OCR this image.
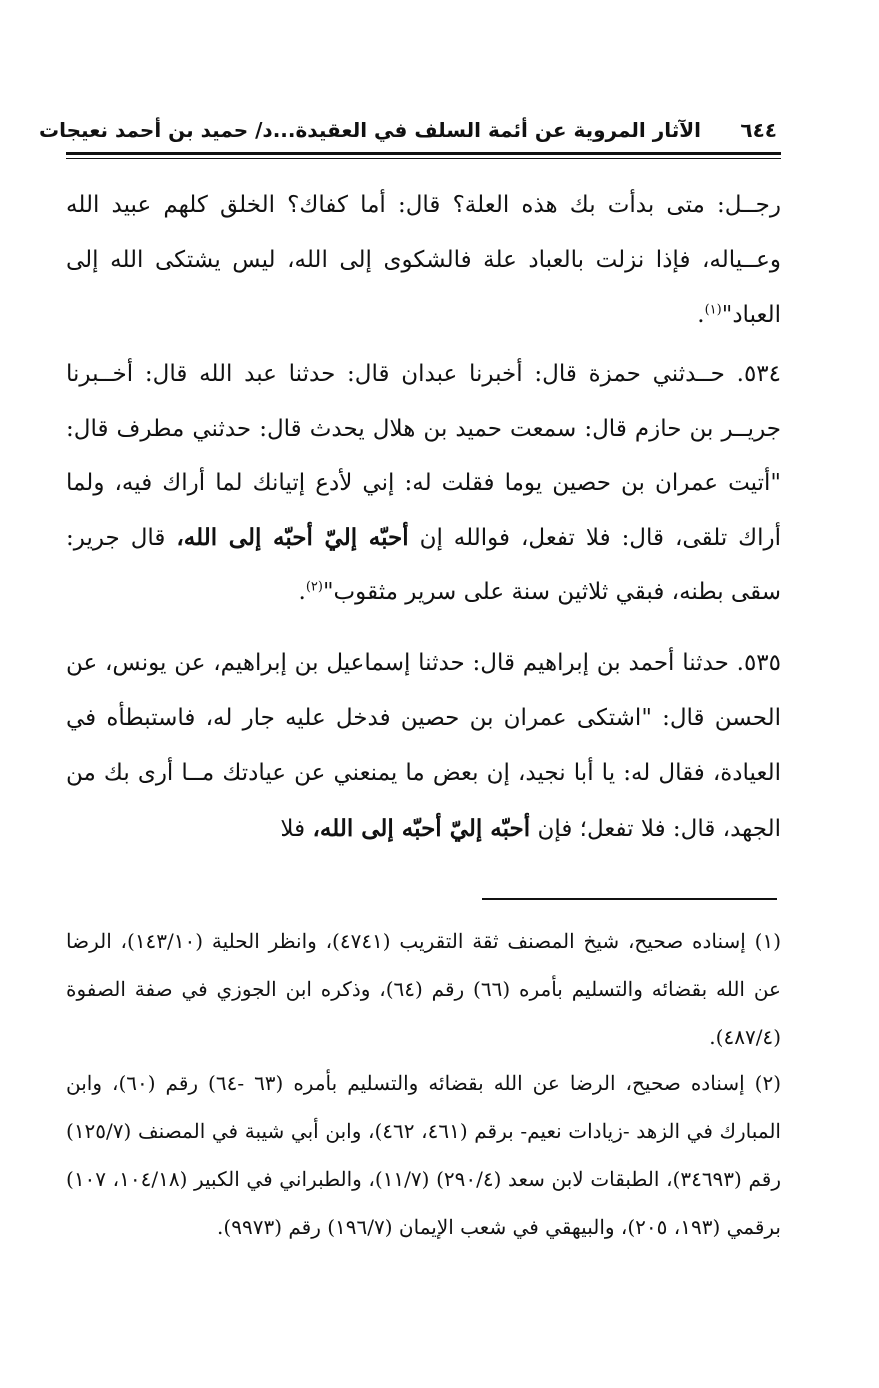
٦٤٤
الآثار المروية عن أئمة السلف في العقيدة...د/ حميد بن أحمد نعيجات

رجــل: متى بدأت بك هذه العلة؟ قال: أما كفاك؟ الخلق كلهم عبيد الله وعــياله، فإذا نزلت بالعباد علة فالشكوى إلى الله، ليس يشتكى الله إلى العباد"$^{(١)}$.

٥٣٤. حــدثني حمزة قال: أخبرنا عبدان قال: حدثنا عبد الله قال: أخــبرنا جريــر بن حازم قال: سمعت حميد بن هلال يحدث قال: حدثني مطرف قال: "أتيت عمران بن حصين يوما فقلت له: إني لأدع إتيانك لما أراك فيه، ولما أراك تلقى، قال: فلا تفعل، فوالله إن أحبّه إليّ أحبّه إلى الله، قال جرير: سقى بطنه، فبقي ثلاثين سنة على سرير مثقوب"$^{(٢)}$.

٥٣٥. حدثنا أحمد بن إبراهيم قال: حدثنا إسماعيل بن إبراهيم، عن يونس، عن الحسن قال: "اشتكى عمران بن حصين فدخل عليه جار له، فاستبطأه في العيادة، فقال له: يا أبا نجيد، إن بعض ما يمنعني عن عيادتك مــا أرى بك من الجهد، قال: فلا تفعل؛ فإن أحبّه إليّ أحبّه إلى الله، فلا

(١) إسناده صحيح، شيخ المصنف ثقة التقريب (٤٧٤١)، وانظر الحلية (١٤٣/١٠)، الرضا عن الله بقضائه والتسليم بأمره (٦٦) رقم (٦٤)، وذكره ابن الجوزي في صفة الصفوة (٤٨٧/٤).

(٢) إسناده صحيح، الرضا عن الله بقضائه والتسليم بأمره (٦٣ -٦٤) رقم (٦٠)، وابن المبارك في الزهد -زيادات نعيم- برقم (٤٦١، ٤٦٢)، وابن أبي شيبة في المصنف (١٢٥/٧) رقم (٣٤٦٩٣)، الطبقات لابن سعد (٢٩٠/٤) (١١/٧)، والطبراني في الكبير (١٠٤/١٨، ١٠٧) برقمي (١٩٣، ٢٠٥)، والبيهقي في شعب الإيمان (١٩٦/٧) رقم (٩٩٧٣).
